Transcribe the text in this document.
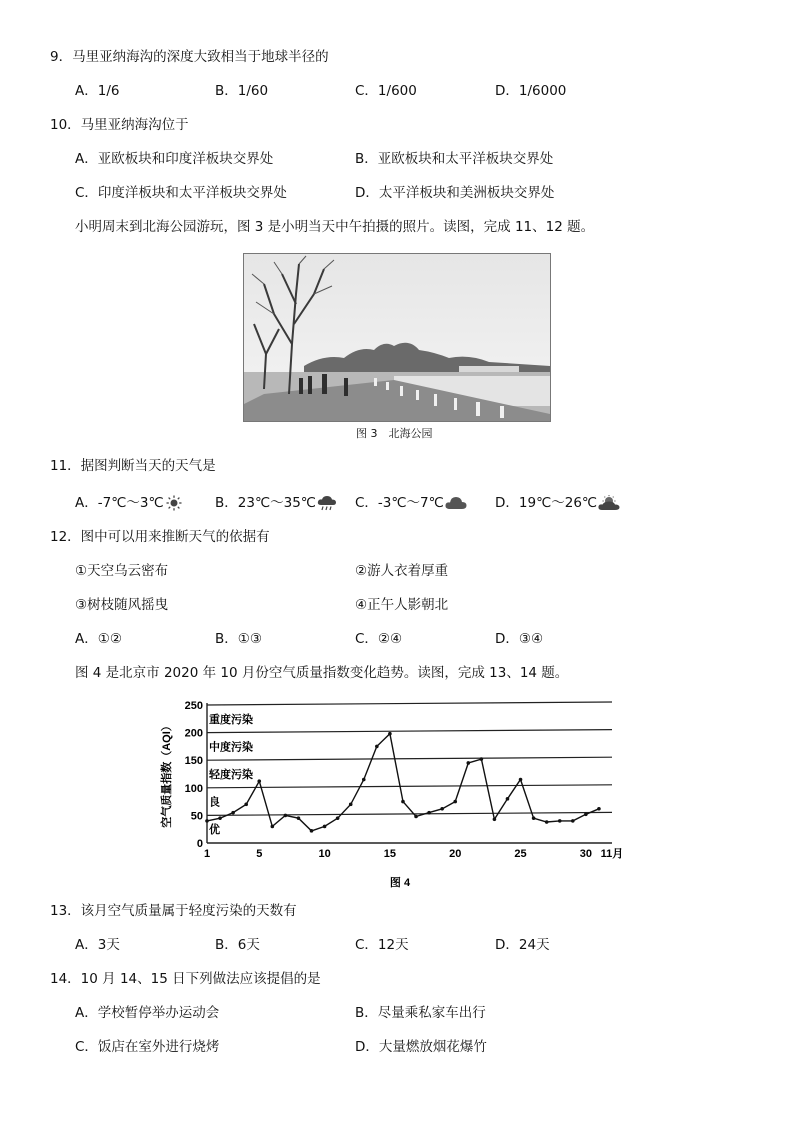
9．马里亚纳海沟的深度大致相当于地球半径的
A．1/6	B．1/60	C．1/600	D．1/6000
10．马里亚纳海沟位于
A．亚欧板块和印度洋板块交界处	B．亚欧板块和太平洋板块交界处
C．印度洋板块和太平洋板块交界处	D．太平洋板块和美洲板块交界处
小明周末到北海公园游玩，图 3 是小明当天中午拍摄的照片。读图，完成 11、12 题。
图 3　北海公园
11．据图判断当天的天气是
A．-7℃～3℃	B．23℃～35℃	C．-3℃～7℃	D．19℃～26℃
12．图中可以用来推断天气的依据有
①天空乌云密布	②游人衣着厚重
③树枝随风摇曳	④正午人影朝北
A．①②	B．①③	C．②④	D．③④
图 4 是北京市 2020 年 10 月份空气质量指数变化趋势。读图，完成 13、14 题。
0
50
100
150
200
250
1	5	10	15	20	25	30 11月
优
良
轻度污染
中度污染
重度污染
空气质量指数（AQI）
图 4
13．该月空气质量属于轻度污染的天数有
A．3天	B．6天	C．12天	D．24天
14．10 月 14、15 日下列做法应该提倡的是
A．学校暂停举办运动会	B．尽量乘私家车出行
C．饭店在室外进行烧烤	D．大量燃放烟花爆竹
